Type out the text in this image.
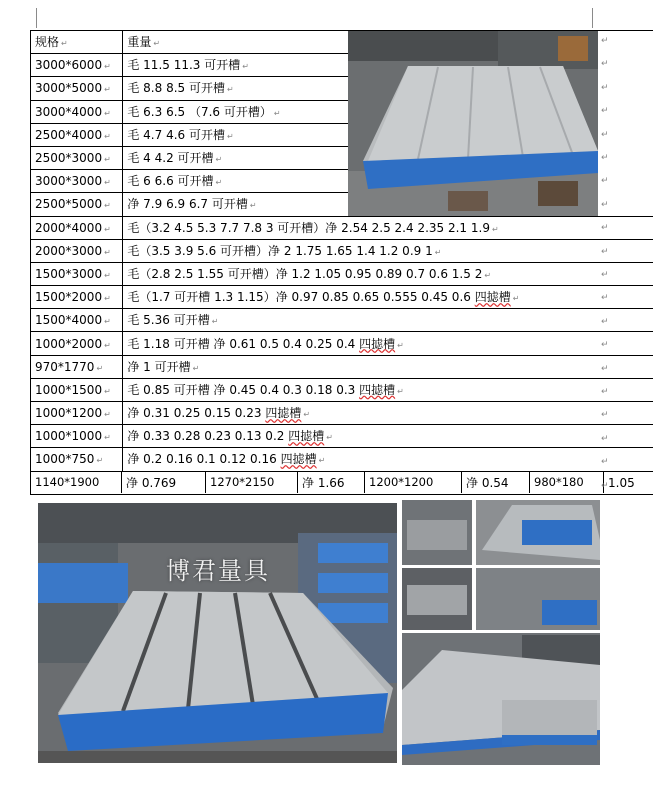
规格 ↵	重量 ↵	
3000*6000 ↵	毛 11.5 11.3 可开槽 ↵
3000*5000 ↵	毛 8.8 8.5 可开槽 ↵
3000*4000 ↵	毛 6.3 6.5 （7.6 可开槽） ↵
2500*4000 ↵	毛 4.7 4.6 可开槽 ↵
2500*3000 ↵	毛 4 4.2 可开槽 ↵
3000*3000 ↵	毛 6 6.6 可开槽 ↵
2500*5000 ↵	净 7.9 6.9 6.7 可开槽 ↵
2000*4000 ↵	毛（3.2 4.5 5.3 7.7 7.8 3 可开槽）净 2.54 2.5 2.4 2.35 2.1 1.9 ↵
2000*3000 ↵	毛（3.5 3.9 5.6 可开槽）净 2 1.75 1.65 1.4 1.2 0.9 1 ↵
1500*3000 ↵	毛（2.8 2.5 1.55 可开槽）净 1.2 1.05 0.95 0.89 0.7 0.6 1.5 2 ↵
1500*2000 ↵	毛（1.7 可开槽 1.3 1.15）净 0.97 0.85 0.65 0.555 0.45 0.6 四摅槽 ↵
1500*4000 ↵	毛 5.36 可开槽 ↵
1000*2000 ↵	毛 1.18 可开槽 净 0.61 0.5 0.4 0.25 0.4 四摅槽 ↵
970*1770 ↵	净 1 可开槽 ↵
1000*1500 ↵	毛 0.85 可开槽 净 0.45 0.4 0.3 0.18 0.3 四摅槽 ↵
1000*1200 ↵	净 0.31 0.25 0.15 0.23 四摅槽 ↵
1000*1000 ↵	净 0.33 0.28 0.23 0.13 0.2 四摅槽 ↵
1000*750 ↵	净 0.2 0.16 0.1 0.12 0.16 四摅槽 ↵

1140*1900	净 0.769	1270*2150	净 1.66	1200*1200	净 0.54	980*180	1.05
↵
↵
↵
↵
↵
↵
↵
↵
↵
↵
↵
↵
↵
↵
↵
↵
↵
↵
↵
↵
博君量具
